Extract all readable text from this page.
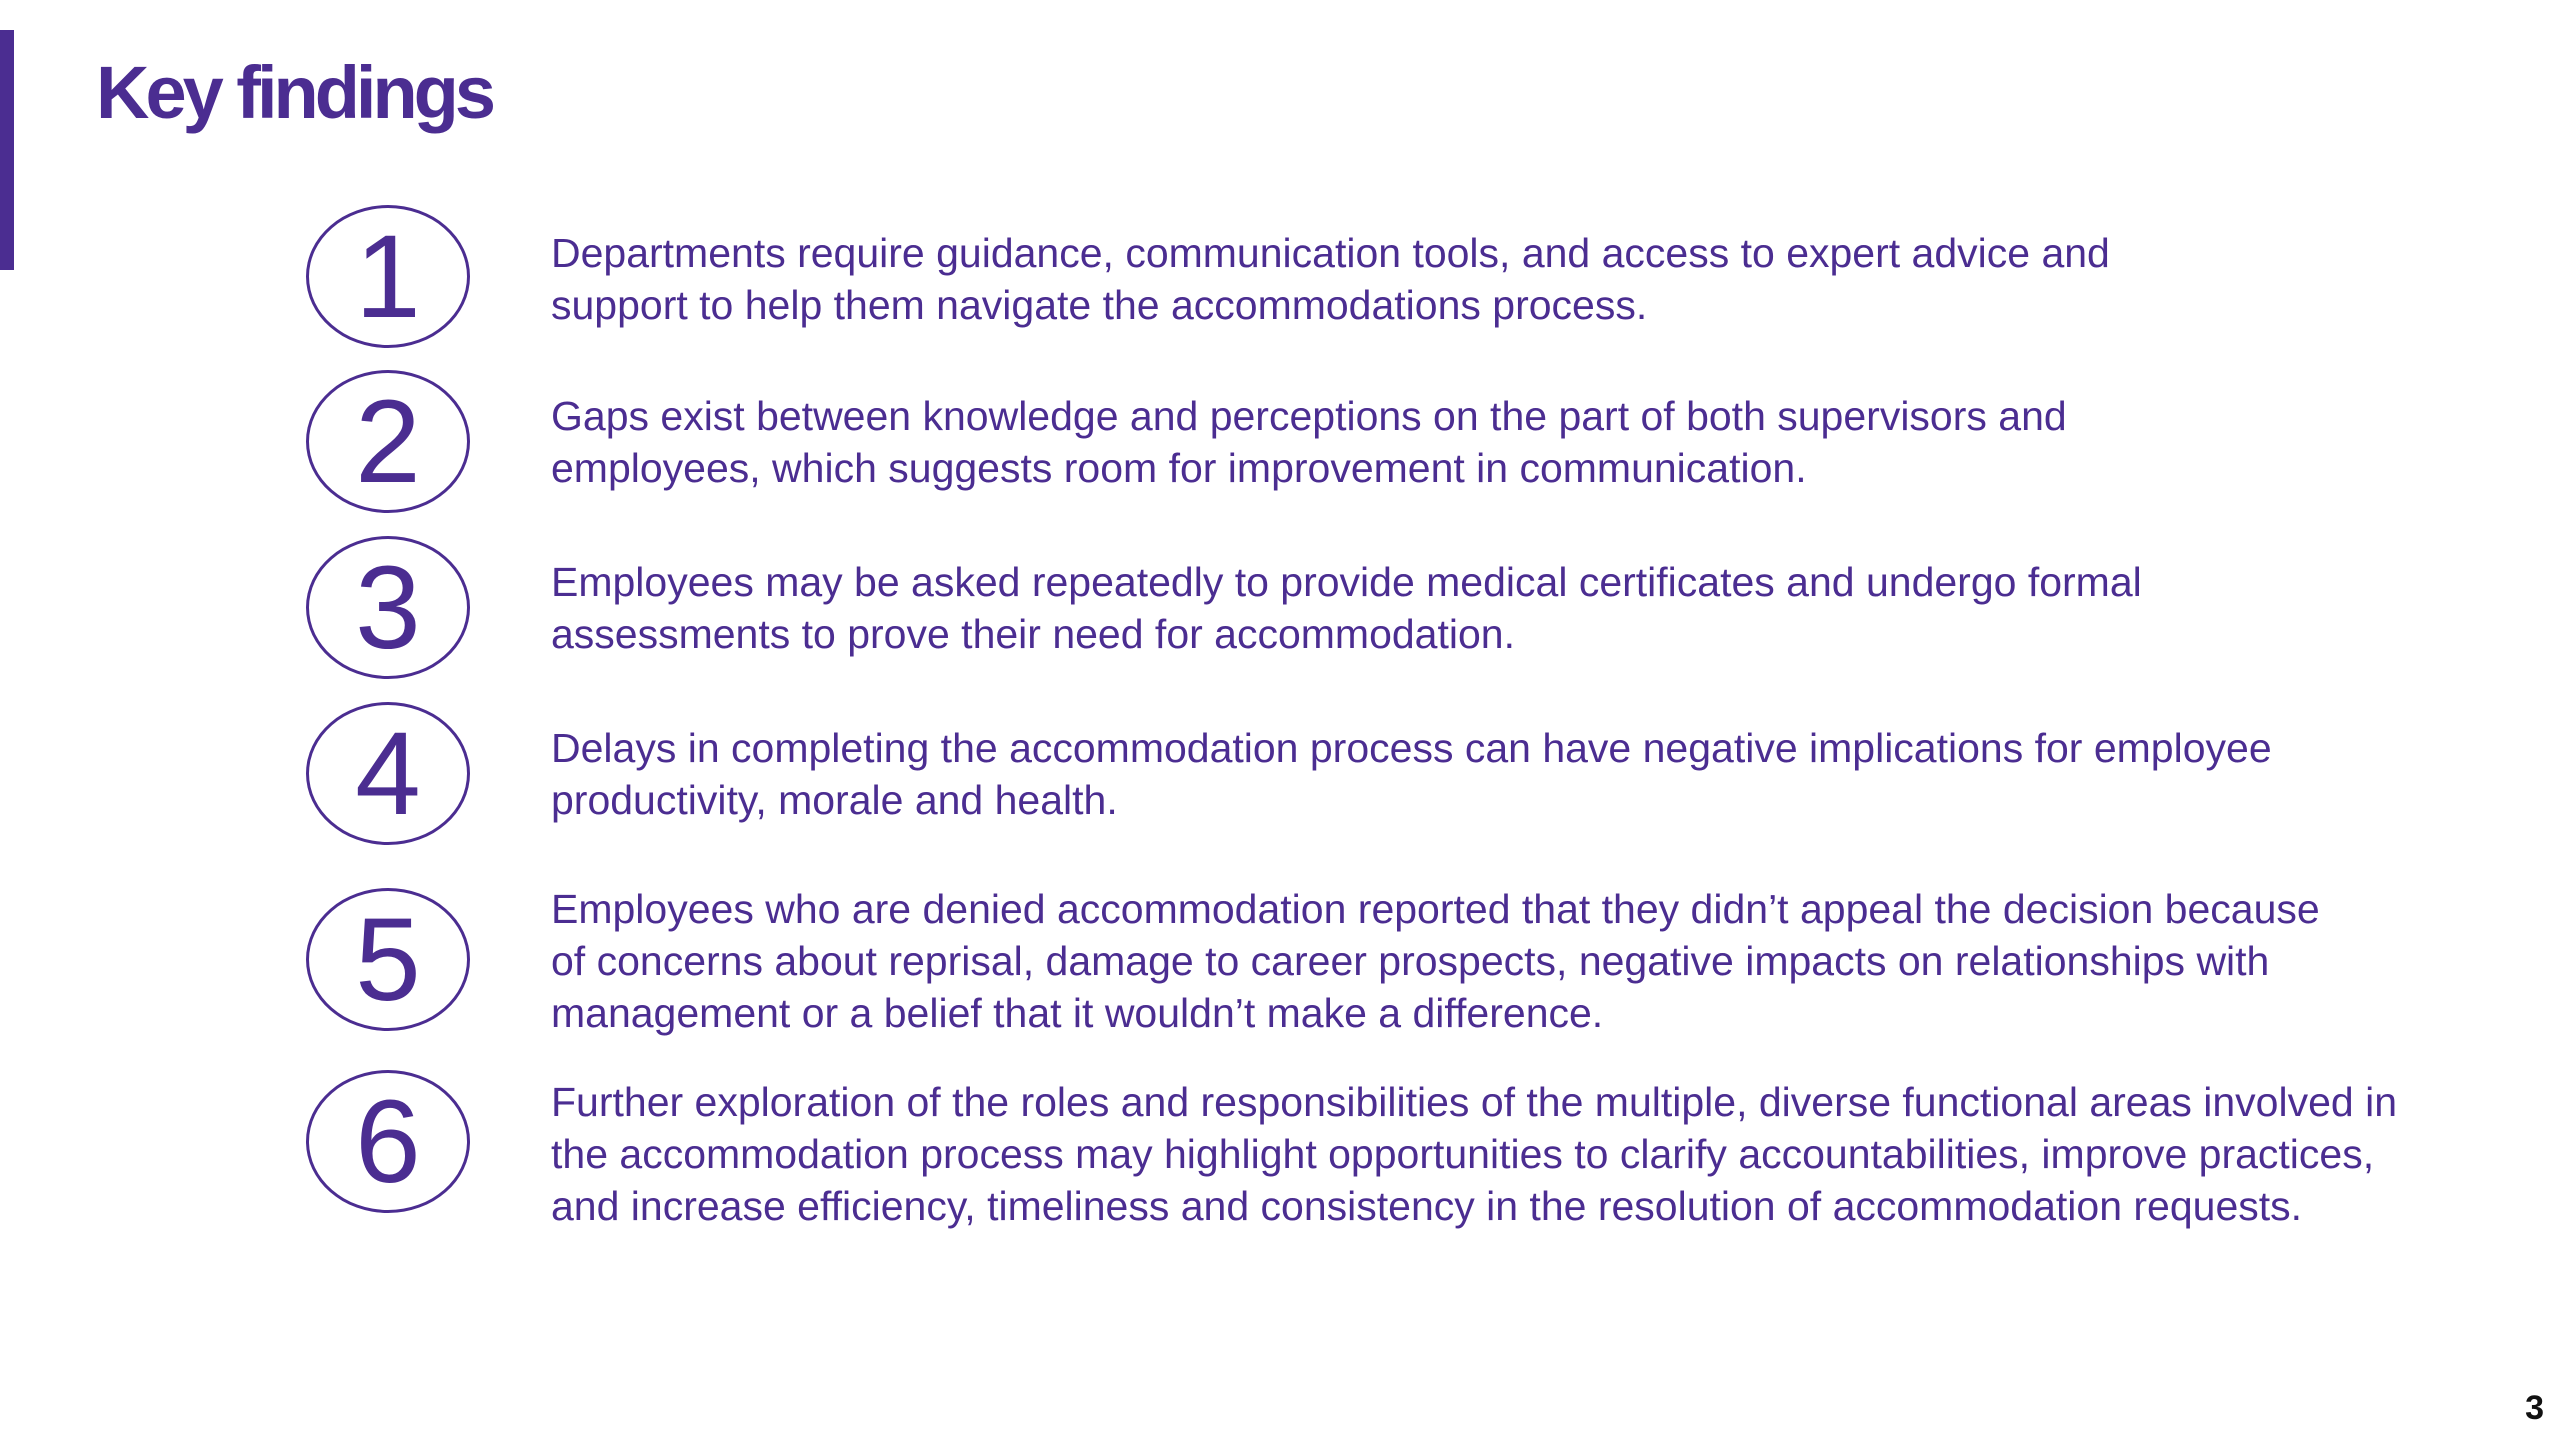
Key findings
1	Departments require guidance, communication tools, and access to expert advice and support to help them navigate the accommodations process.

2	Gaps exist between knowledge and perceptions on the part of both supervisors and employees, which suggests room for improvement in communication.

3	Employees may be asked repeatedly to provide medical certificates and undergo formal assessments to prove their need for accommodation.

4	Delays in completing the accommodation process can have negative implications for employee productivity, morale and health.

5	Employees who are denied accommodation reported that they didn’t appeal the decision because of concerns about reprisal, damage to career prospects, negative impacts on relationships with management or a belief that it wouldn’t make a difference.

6	Further exploration of the roles and responsibilities of the multiple, diverse functional areas involved in the accommodation process may highlight opportunities to clarify accountabilities, improve practices, and increase efficiency, timeliness and consistency in the resolution of accommodation requests.

3
